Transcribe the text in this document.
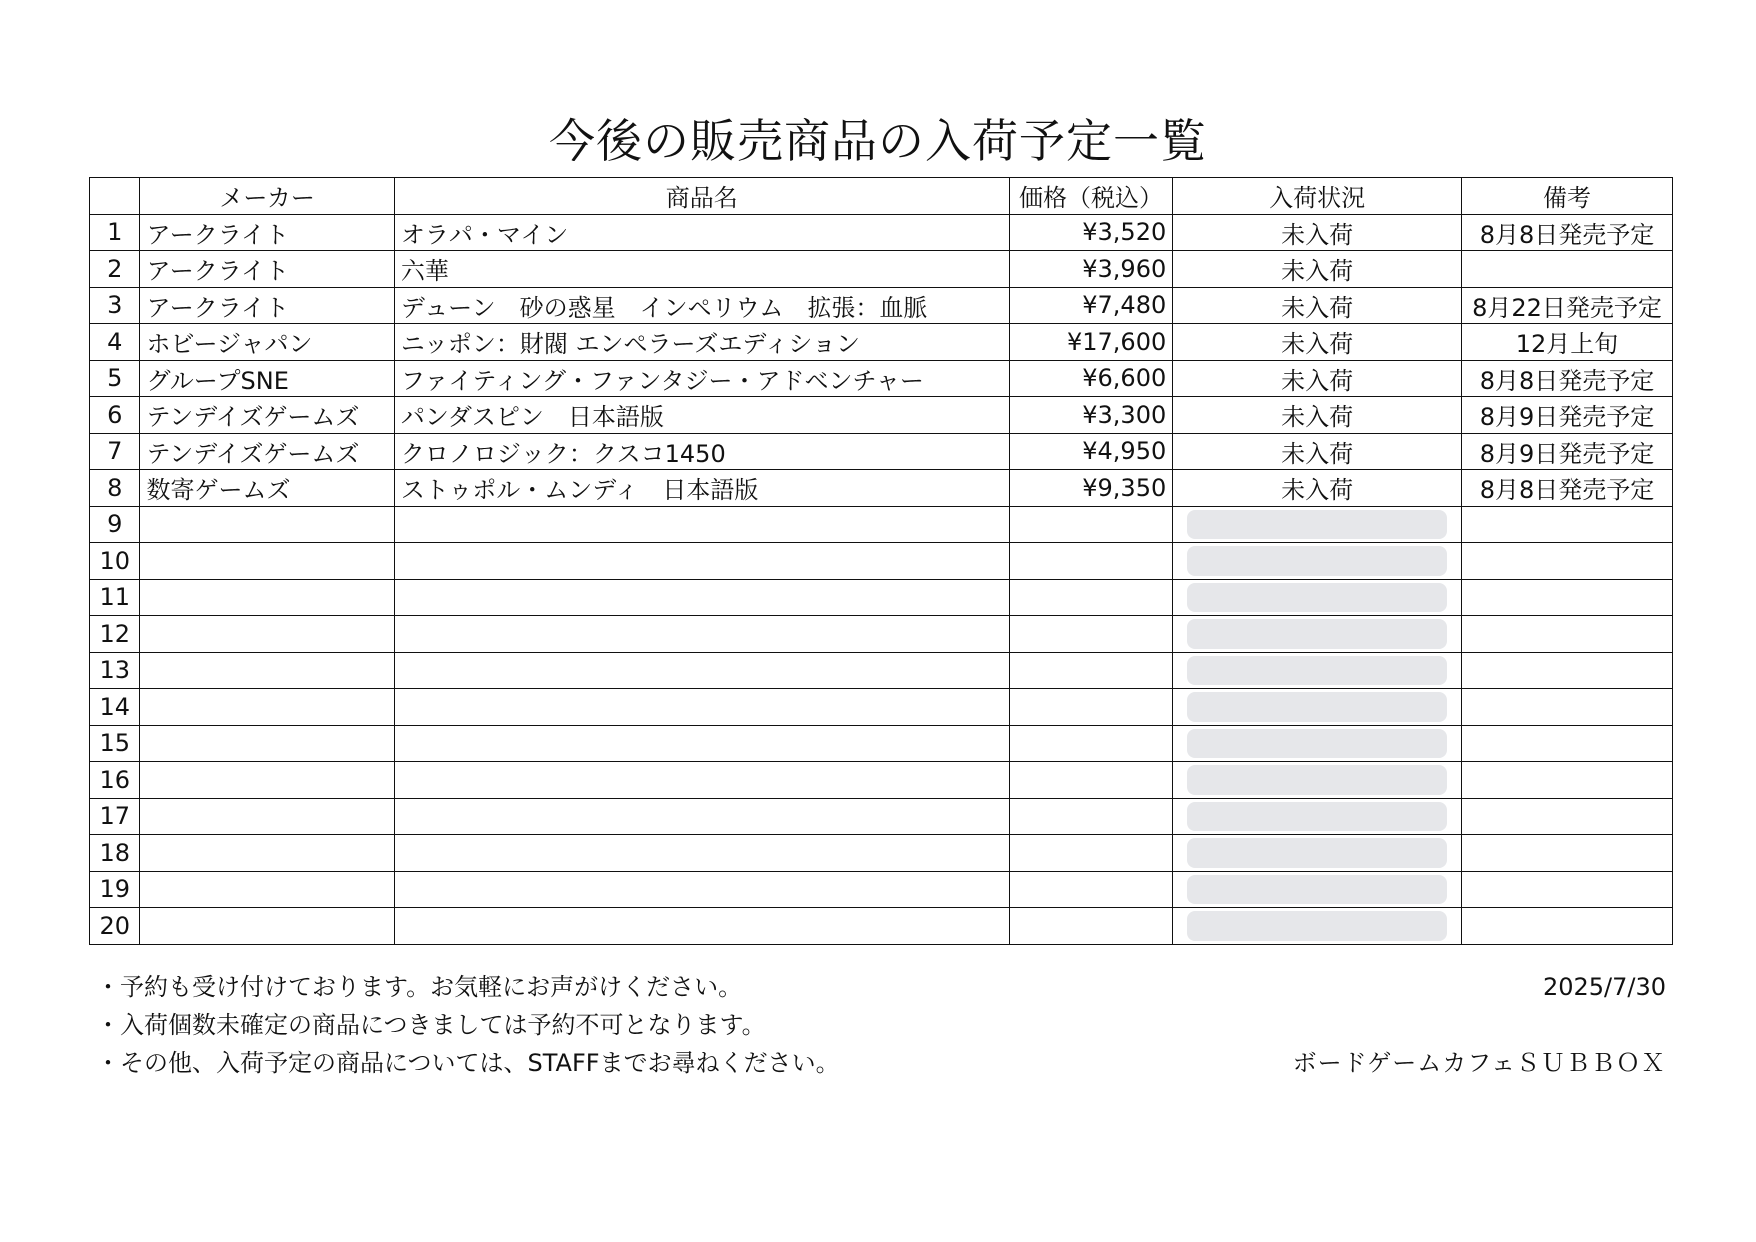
今後の販売商品の入荷予定一覧
	メーカー	商品名	価格（税込）	入荷状況	備考
1	アークライト	オラパ・マイン	¥3,520	未入荷	8月8日発売予定
2	アークライト	六華	¥3,960	未入荷	
3	アークライト	デューン　砂の惑星　インペリウム　拡張：血脈	¥7,480	未入荷	8月22日発売予定
4	ホビージャパン	ニッポン：財閥 エンペラーズエディション	¥17,600	未入荷	12月上旬
5	グループSNE	ファイティング・ファンタジー・アドベンチャー	¥6,600	未入荷	8月8日発売予定
6	テンデイズゲームズ	パンダスピン　日本語版	¥3,300	未入荷	8月9日発売予定
7	テンデイズゲームズ	クロノロジック：クスコ1450	¥4,950	未入荷	8月9日発売予定
8	数寄ゲームズ	ストゥポル・ムンディ　日本語版	¥9,350	未入荷	8月8日発売予定
9				

10				

11				

12				

13				

14				

15				

16				

17				

18				

19				

20				

・予約も受け付けております。お気軽にお声がけください。
・入荷個数未確定の商品につきましては予約不可となります。
・その他、入荷予定の商品については、STAFFまでお尋ねください。
2025/7/30
ボードゲームカフェＳＵＢＢＯＸ
